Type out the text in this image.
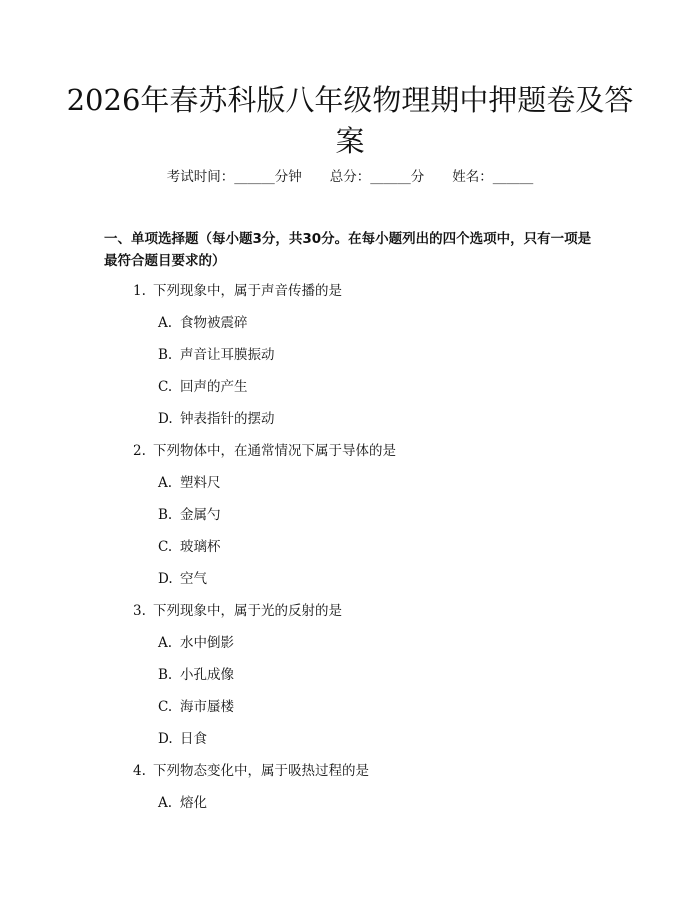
2026年春苏科版八年级物理期中押题卷及答案
考试时间：______分钟 总分：______分 姓名：______
一、单项选择题（每小题3分，共30分。在每小题列出的四个选项中，只有一项是最符合题目要求的）
1. 下列现象中，属于声音传播的是
A. 食物被震碎
B. 声音让耳膜振动
C. 回声的产生
D. 钟表指针的摆动
2. 下列物体中，在通常情况下属于导体的是
A. 塑料尺
B. 金属勺
C. 玻璃杯
D. 空气
3. 下列现象中，属于光的反射的是
A. 水中倒影
B. 小孔成像
C. 海市蜃楼
D. 日食
4. 下列物态变化中，属于吸热过程的是
A. 熔化
